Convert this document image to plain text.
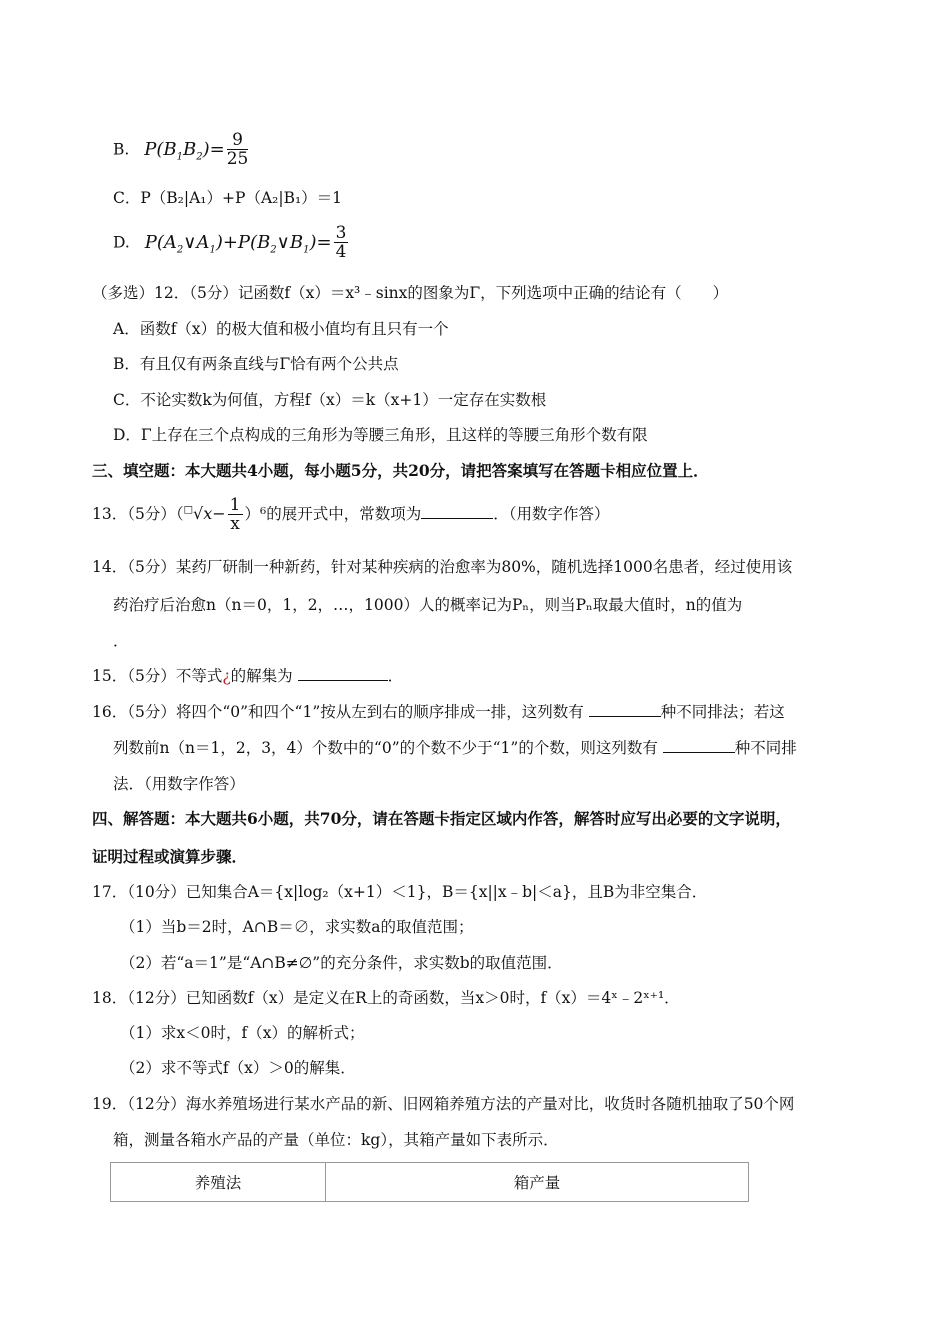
B. $P(B_1B_2)= \frac{9}{25}$
C．P（B₂|A₁）+P（A₂|B₁）＝1
D. $P(A_2\vee A_1)+P(B_2\vee B_1)= \frac{3}{4}$
（多选）12．（5分）记函数f（x）＝x³﹣sinx的图象为Γ，下列选项中正确的结论有（　　）
A．函数f（x）的极大值和极小值均有且只有一个
B．有且仅有两条直线与Γ恰有两个公共点
C．不论实数k为何值，方程f（x）＝k（x+1）一定存在实数根
D．Γ上存在三个点构成的三角形为等腰三角形，且这样的等腰三角形个数有限
三、填空题：本大题共4小题，每小题5分，共20分，请把答案填写在答题卡相应位置上．
13．（5分）$(^□√x- \frac{1}{x} )^6$的展开式中，常数项为	．（用数字作答）
14．（5分）某药厂研制一种新药，针对某种疾病的治愈率为80%，随机选择1000名患者，经过使用该
药治疗后治愈n（n＝0，1，2，…，1000）人的概率记为Pₙ，则当Pₙ取最大值时，n的值为
．
15．（5分）不等式¿的解集为	．
16．（5分）将四个“0”和四个“1”按从左到右的顺序排成一排，这列数有	种不同排法；若这
列数前n（n＝1，2，3，4）个数中的“0”的个数不少于“1”的个数，则这列数有	种不同排
法．（用数字作答）
四、解答题：本大题共6小题，共70分，请在答题卡指定区域内作答，解答时应写出必要的文字说明，
证明过程或演算步骤．
17．（10分）已知集合A＝{x|log₂（x+1）＜1}，B＝{x||x﹣b|＜a}，且B为非空集合．
（1）当b＝2时，A∩B＝∅，求实数a的取值范围；
（2）若“a＝1”是“A∩B≠∅”的充分条件，求实数b的取值范围．
18．（12分）已知函数f（x）是定义在R上的奇函数，当x＞0时，f（x）＝4ˣ﹣2ˣ⁺¹．
（1）求x＜0时，f（x）的解析式；
（2）求不等式f（x）＞0的解集．
19．（12分）海水养殖场进行某水产品的新、旧网箱养殖方法的产量对比，收货时各随机抽取了50个网
箱，测量各箱水产品的产量（单位：kg），其箱产量如下表所示．
养殖法	箱产量
